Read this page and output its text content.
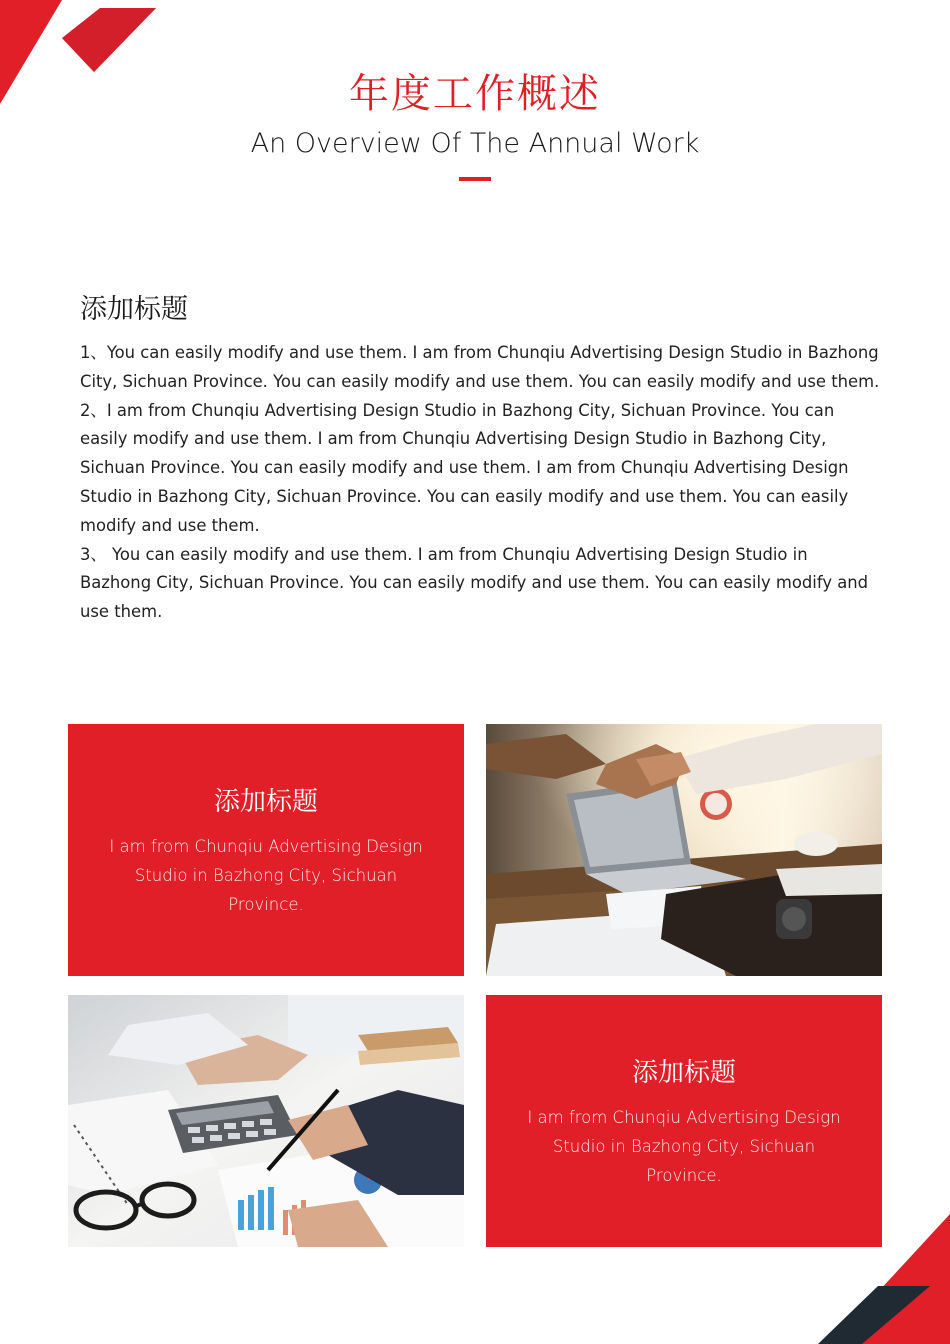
年度工作概述
An Overview Of The Annual Work
添加标题

1、You can easily modify and use them. I am from Chunqiu Advertising Design Studio in Bazhong City, Sichuan Province. You can easily modify and use them. You can easily modify and use them.

2、I am from Chunqiu Advertising Design Studio in Bazhong City, Sichuan Province. You can easily modify and use them. I am from Chunqiu Advertising Design Studio in Bazhong City, Sichuan Province. You can easily modify and use them. I am from Chunqiu Advertising Design Studio in Bazhong City, Sichuan Province. You can easily modify and use them. You can easily modify and use them.

3、 You can easily modify and use them. I am from Chunqiu Advertising Design Studio in Bazhong City, Sichuan Province. You can easily modify and use them. You can easily modify and use them.

添加标题
I am from Chunqiu Advertising Design Studio in Bazhong City, Sichuan Province.
添加标题
I am from Chunqiu Advertising Design Studio in Bazhong City, Sichuan Province.
